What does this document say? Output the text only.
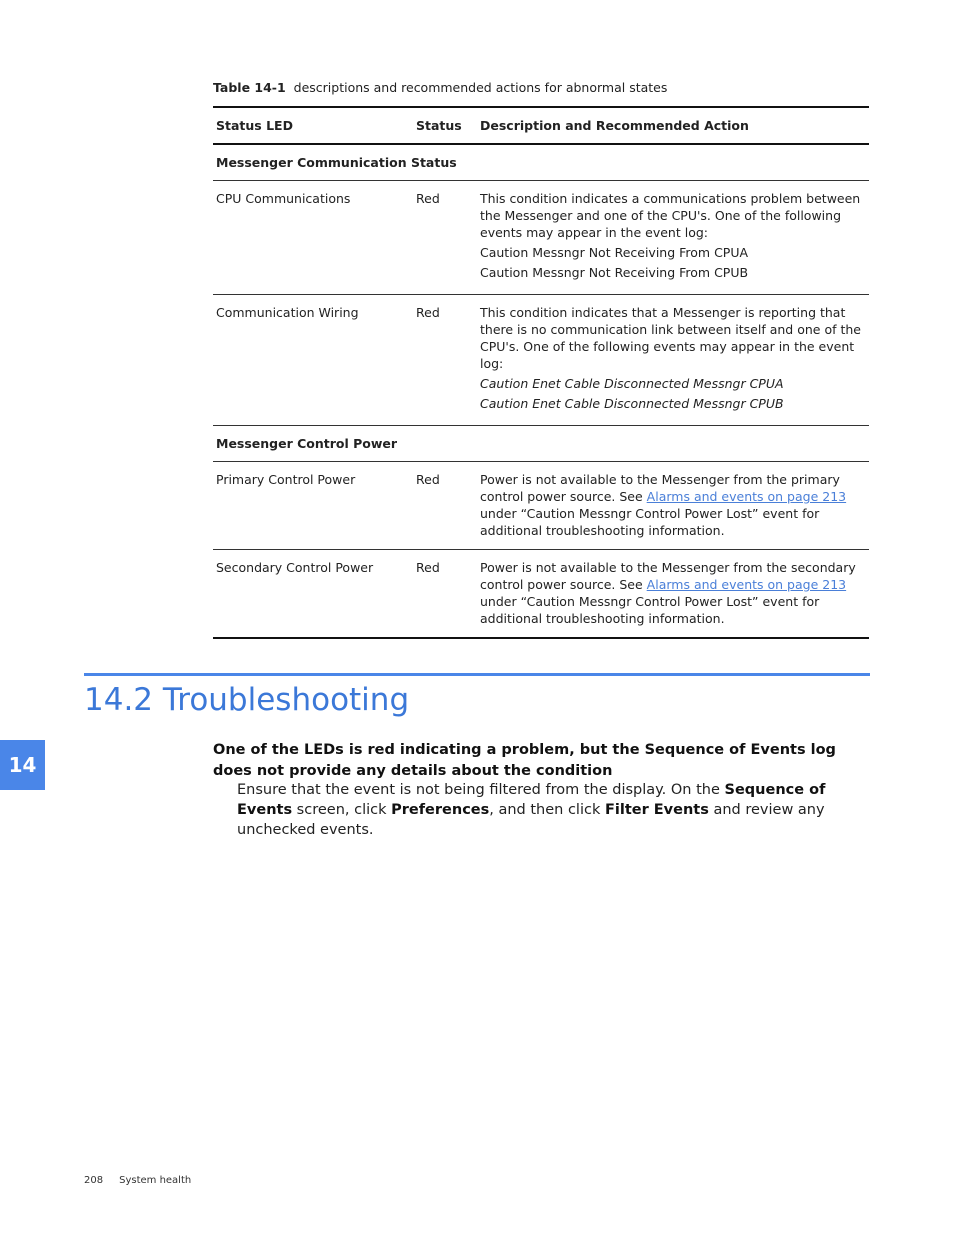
Table 14-1 descriptions and recommended actions for abnormal states
Status LED	Status	Description and Recommended Action
Messenger Communication Status		
CPU Communications	Red	This condition indicates a communications problem between the Messenger and one of the CPU's. One of the following events may appear in the event log:

Caution Messngr Not Receiving From CPUA

Caution Messngr Not Receiving From CPUB

Communication Wiring	Red	This condition indicates that a Messenger is reporting that there is no communication link between itself and one of the CPU's. One of the following events may appear in the event log:

Caution Enet Cable Disconnected Messngr CPUA

Caution Enet Cable Disconnected Messngr CPUB

Messenger Control Power		
Primary Control Power	Red	Power is not available to the Messenger from the primary control power source. See Alarms and events on page 213 under “Caution Messngr Control Power Lost” event for additional troubleshooting information.
Secondary Control Power	Red	Power is not available to the Messenger from the secondary control power source. See Alarms and events on page 213 under “Caution Messngr Control Power Lost” event for additional troubleshooting information.
14.2 Troubleshooting
14
One of the LEDs is red indicating a problem, but the Sequence of Events log does not provide any details about the condition
Ensure that the event is not being filtered from the display. On the Sequence of Events screen, click Preferences, and then click Filter Events and review any unchecked events.
208 System health
